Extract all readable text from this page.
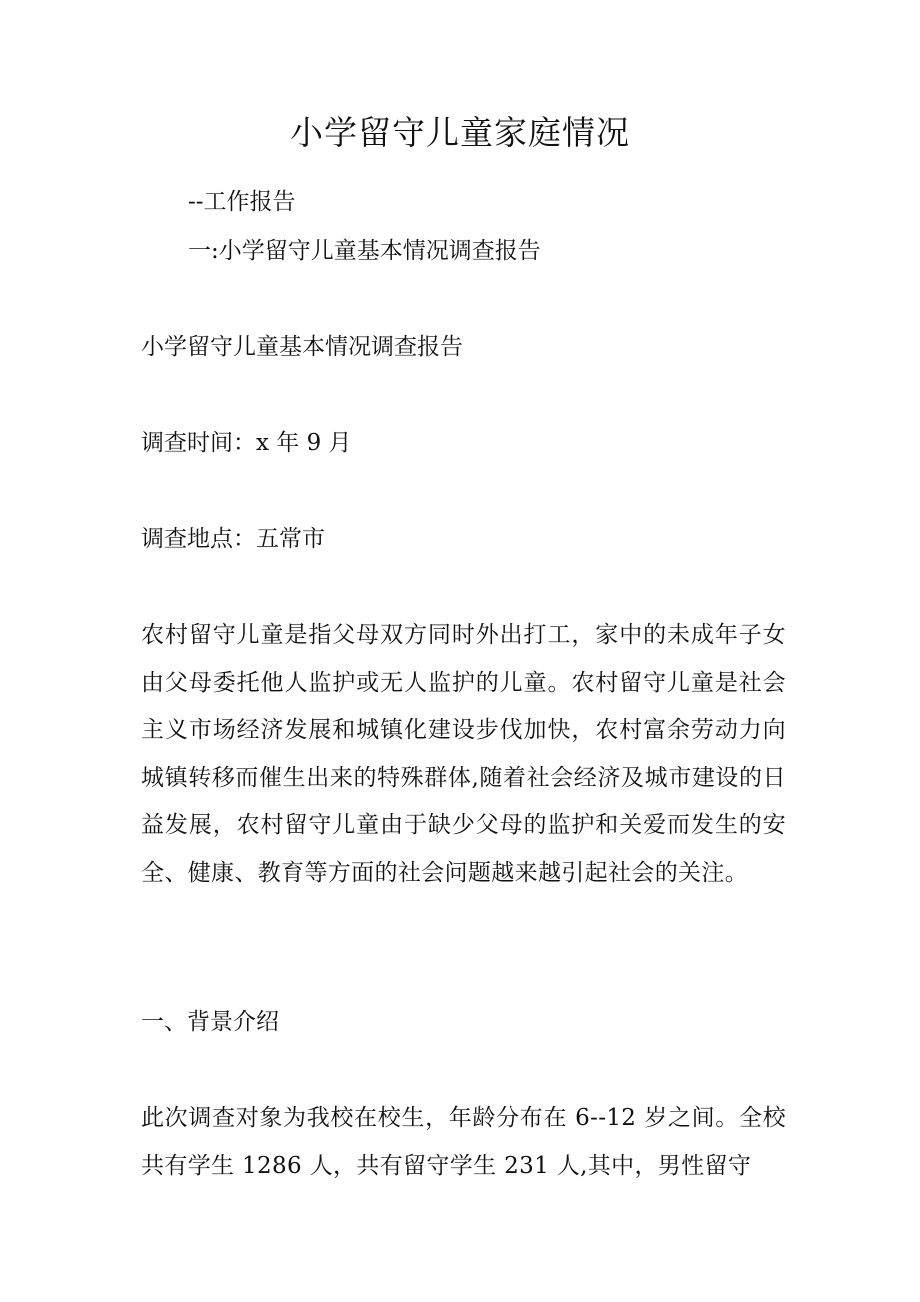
小学留守儿童家庭情况

--工作报告

一:小学留守儿童基本情况调查报告

小学留守儿童基本情况调查报告

调查时间：x 年 9 月

调查地点：五常市

农村留守儿童是指父母双方同时外出打工，家中的未成年子女由父母委托他人监护或无人监护的儿童。农村留守儿童是社会主义市场经济发展和城镇化建设步伐加快，农村富余劳动力向城镇转移而催生出来的特殊群体,随着社会经济及城市建设的日益发展，农村留守儿童由于缺少父母的监护和关爱而发生的安全、健康、教育等方面的社会问题越来越引起社会的关注。

一、背景介绍

此次调查对象为我校在校生，年龄分布在 6--12 岁之间。全校共有学生 1286 人，共有留守学生 231 人,其中，男性留守
